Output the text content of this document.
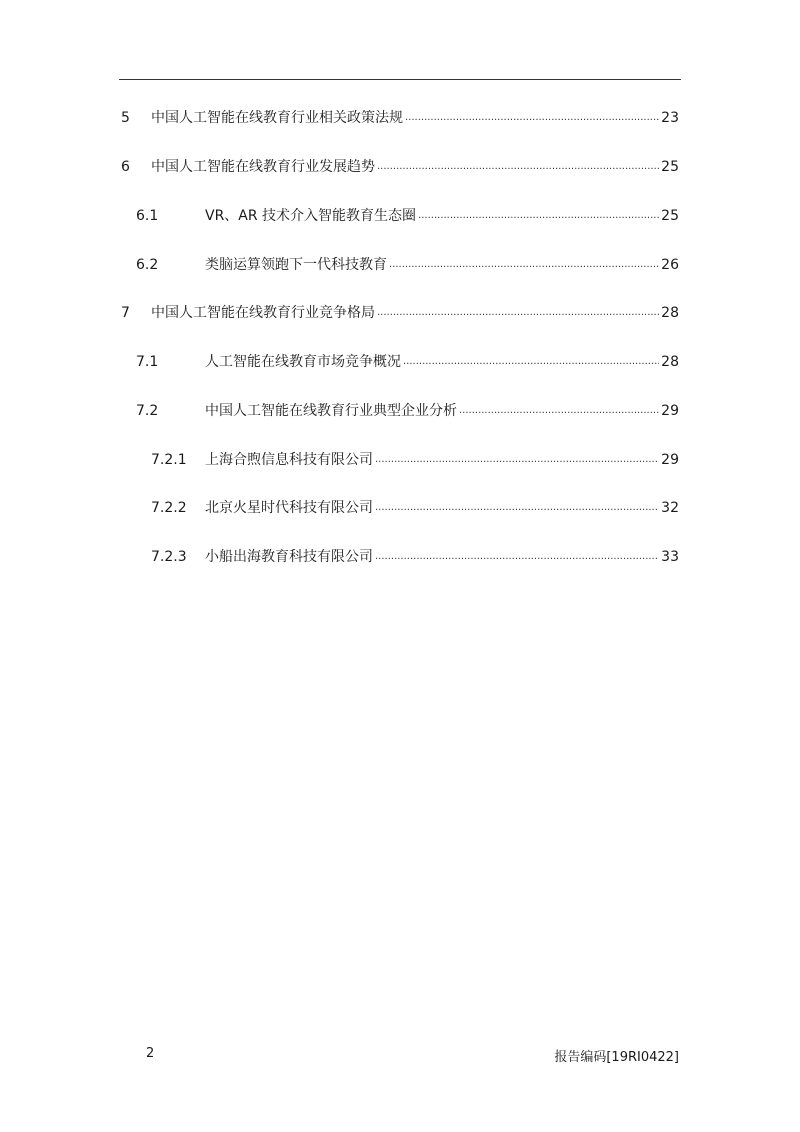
5 中国人工智能在线教育行业相关政策法规 .....	23
6 中国人工智能在线教育行业发展趋势 .....	25
6.1	VR、AR 技术介入智能教育生态圈 .....	25
6.2	类脑运算领跑下一代科技教育 .....	26
7 中国人工智能在线教育行业竞争格局 .....	28
7.1	人工智能在线教育市场竞争概况 .....	28
7.2	中国人工智能在线教育行业典型企业分析 .....	29
7.2.1 上海合煦信息科技有限公司 .....	29
7.2.2 北京火星时代科技有限公司 .....	32
7.2.3 小船出海教育科技有限公司 .....	33
2	报告编码[19RI0422]
